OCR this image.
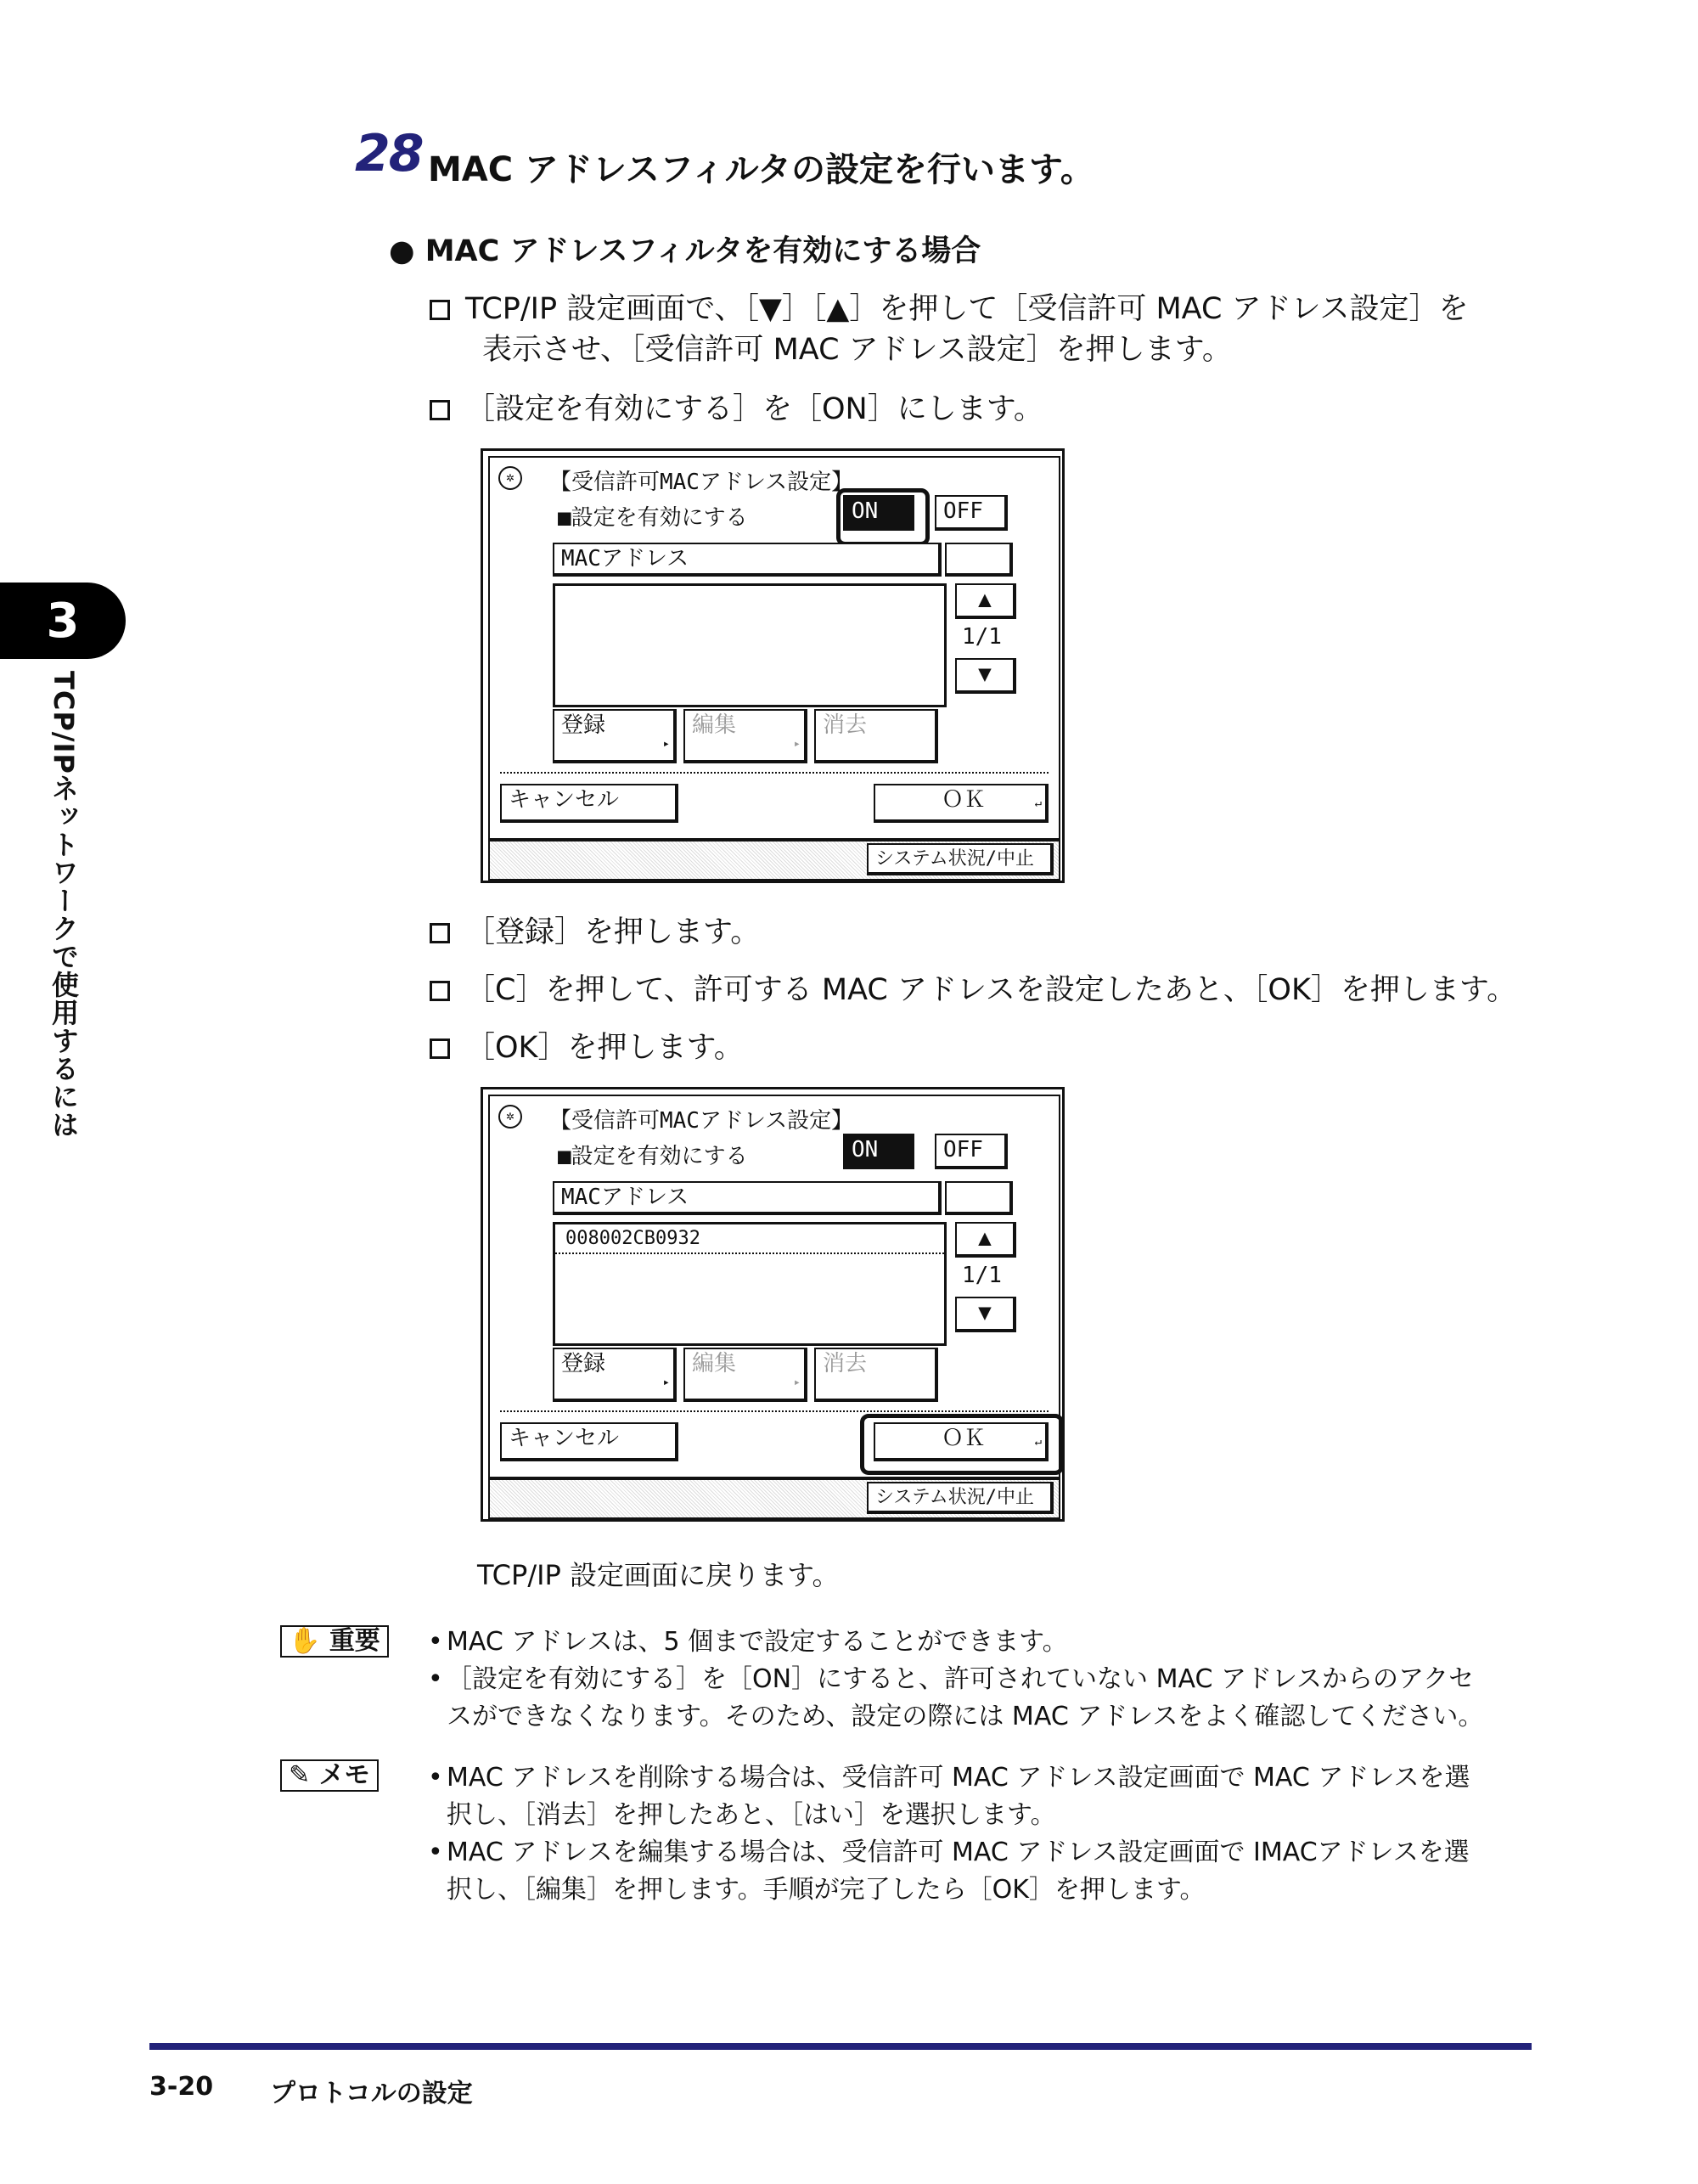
3
TCP/IPネットワークで使用するには
28 MAC アドレスフィルタの設定を行います。
● MAC アドレスフィルタを有効にする場合
TCP/IP 設定画面で、［▼］［▲］を押して［受信許可 MAC アドレス設定］を
表示させ、［受信許可 MAC アドレス設定］を押します。
［設定を有効にする］を［ON］にします。
✲	【受信許可MACアドレス設定】
■設定を有効にする	ON	OFF
MACアドレス
▲
1/1
▼
登録
▸
編集
▸
消去
キャンセル	ＯＫ	↵
システム状況/中止
［登録］を押します。
［C］を押して、許可する MAC アドレスを設定したあと、［OK］を押します。
［OK］を押します。
✲	【受信許可MACアドレス設定】
■設定を有効にする	ON	OFF
MACアドレス
008002CB0932	▲
1/1
▼
登録
▸
編集
▸
消去
キャンセル	ＯＫ	↵
システム状況/中止
TCP/IP 設定画面に戻ります。
✋ 重要	• MAC アドレスは、5 個まで設定することができます。
• ［設定を有効にする］を［ON］にすると、許可されていない MAC アドレスからのアクセ
スができなくなります。そのため、設定の際には MAC アドレスをよく確認してください。
✎ メモ	• MAC アドレスを削除する場合は、受信許可 MAC アドレス設定画面で MAC アドレスを選
択し、［消去］を押したあと、［はい］を選択します。
• MAC アドレスを編集する場合は、受信許可 MAC アドレス設定画面で IMACアドレスを選
択し、［編集］を押します。手順が完了したら［OK］を押します。
3-20 プロトコルの設定
